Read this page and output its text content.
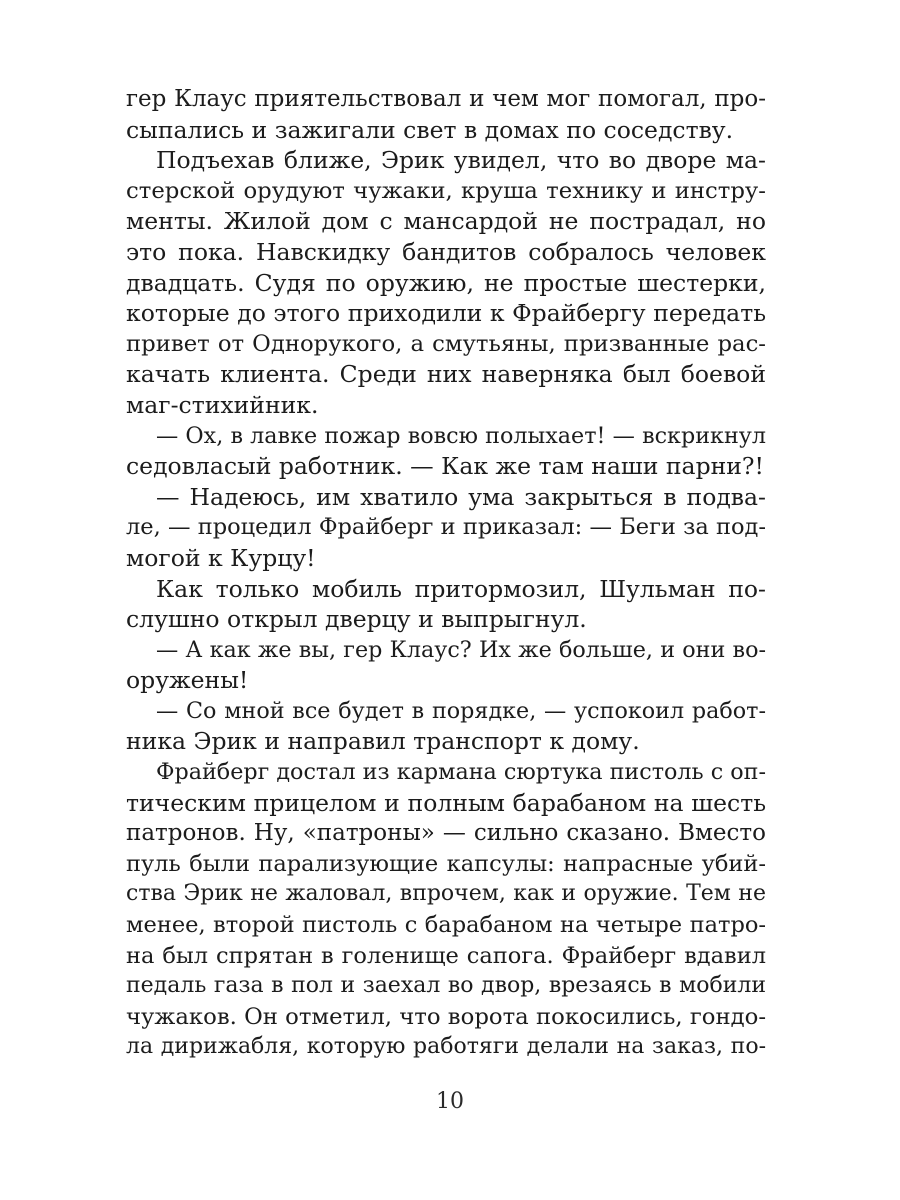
гер Клаус приятельствовал и чем мог помогал, про-
сыпались и зажигали свет в домах по соседству.
Подъехав ближе, Эрик увидел, что во дворе ма-
стерской орудуют чужаки, круша технику и инстру-
менты. Жилой дом с мансардой не пострадал, но
это пока. Навскидку бандитов собралось человек
двадцать. Судя по оружию, не простые шестерки,
которые до этого приходили к Фрайбергу передать
привет от Однорукого, а смутьяны, призванные рас-
качать клиента. Среди них наверняка был боевой
маг-стихийник.
— Ох, в лавке пожар вовсю полыхает! — вскрикнул
седовласый работник. — Как же там наши парни?!
— Надеюсь, им хватило ума закрыться в подва-
ле, — процедил Фрайберг и приказал: — Беги за под-
могой к Курцу!
Как только мобиль притормозил, Шульман по-
слушно открыл дверцу и выпрыгнул.
— А как же вы, гер Клаус? Их же больше, и они во-
оружены!
— Со мной все будет в порядке, — успокоил работ-
ника Эрик и направил транспорт к дому.
Фрайберг достал из кармана сюртука пистоль с оп-
тическим прицелом и полным барабаном на шесть
патронов. Ну, «патроны» — сильно сказано. Вместо
пуль были парализующие капсулы: напрасные убий-
ства Эрик не жаловал, впрочем, как и оружие. Тем не
менее, второй пистоль с барабаном на четыре патро-
на был спрятан в голенище сапога. Фрайберг вдавил
педаль газа в пол и заехал во двор, врезаясь в мобили
чужаков. Он отметил, что ворота покосились, гондо-
ла дирижабля, которую работяги делали на заказ, по-
10
